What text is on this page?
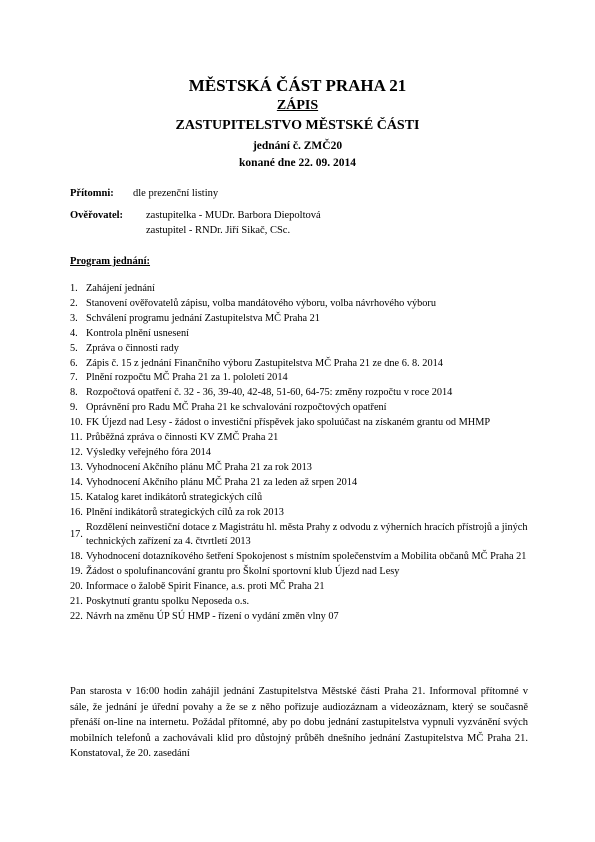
MĚSTSKÁ ČÁST PRAHA 21
ZÁPIS
ZASTUPITELSTVO MĚSTSKÉ ČÁSTI
jednání č. ZMČ20
konané dne 22. 09. 2014
Přítomni: dle prezenční listiny
Ověřovatel: zastupitelka - MUDr. Barbora Diepoltová
zastupitel - RNDr. Jiří Sikač, CSc.
Program jednání:
1. Zahájení jednání
2. Stanovení ověřovatelů zápisu, volba mandátového výboru, volba návrhového výboru
3. Schválení programu jednání Zastupitelstva MČ Praha 21
4. Kontrola plnění usnesení
5. Zpráva o činnosti rady
6. Zápis č. 15 z jednání Finančního výboru Zastupitelstva MČ Praha 21 ze dne 6. 8. 2014
7. Plnění rozpočtu MČ Praha 21 za 1. pololetí 2014
8. Rozpočtová opatření č. 32 - 36, 39-40, 42-48, 51-60, 64-75: změny rozpočtu v roce 2014
9. Oprávnění pro Radu MČ Praha 21 ke schvalování rozpočtových opatření
10. FK Újezd nad Lesy - žádost o investiční příspěvek jako spoluúčast na získaném grantu od MHMP
11. Průběžná zpráva o činnosti KV ZMČ Praha 21
12. Výsledky veřejného fóra 2014
13. Vyhodnocení Akčního plánu MČ Praha 21 za rok 2013
14. Vyhodnocení Akčního plánu MČ Praha 21 za leden až srpen 2014
15. Katalog karet indikátorů strategických cílů
16. Plnění indikátorů strategických cílů za rok 2013
17.
Rozdělení neinvestiční dotace z Magistrátu hl. města Prahy z odvodu z výherních hracích přístrojů a jiných technických zařízení za 4. čtvrtletí 2013
18. Vyhodnocení dotazníkového šetření Spokojenost s místním společenstvím a Mobilita občanů MČ Praha 21
19. Žádost o spolufinancování grantu pro Školní sportovní klub Újezd nad Lesy
20. Informace o žalobě Spirit Finance, a.s. proti MČ Praha 21
21. Poskytnutí grantu spolku Neposeda o.s.
22. Návrh na změnu ÚP SÚ HMP - řízení o vydání změn vlny 07
Pan starosta v 16:00 hodin zahájil jednání Zastupitelstva Městské části Praha 21. Informoval přítomné v sále, že jednání je úřední povahy a že se z něho pořizuje audiozáznam a videozáznam, který se současně přenáší on-line na internetu. Požádal přítomné, aby po dobu jednání zastupitelstva vypnuli vyzvánění svých mobilních telefonů a zachovávali klid pro důstojný průběh dnešního jednání Zastupitelstva MČ Praha 21. Konstatoval, že 20. zasedání
